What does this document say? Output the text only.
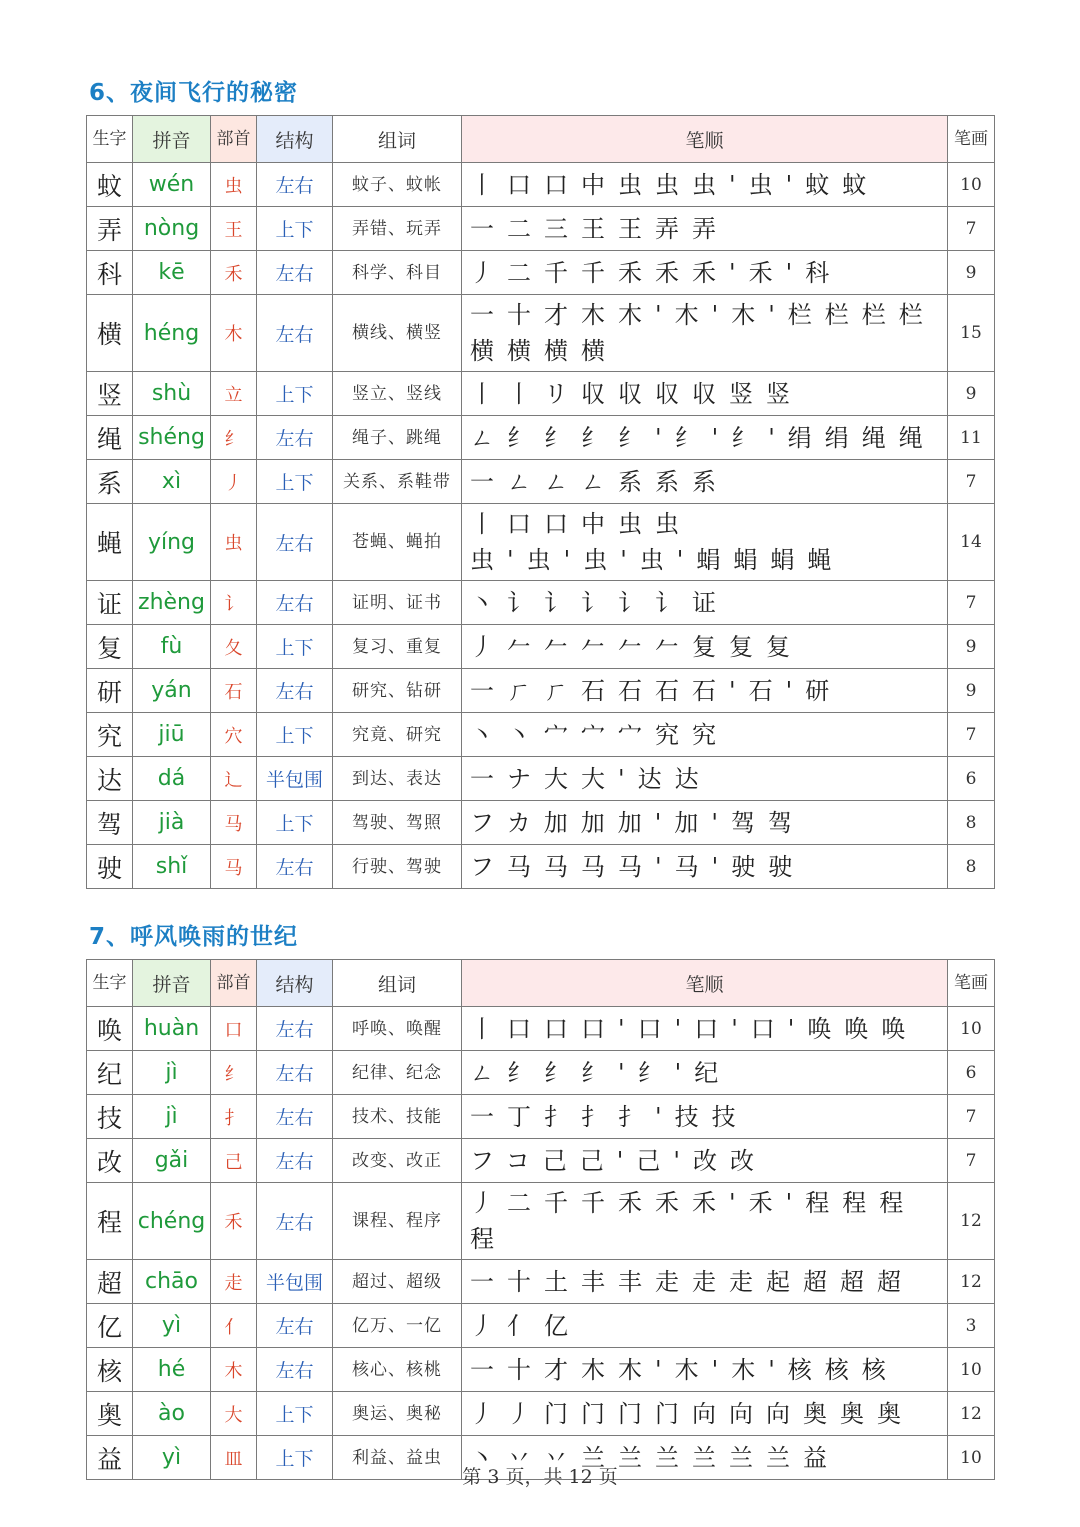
6、夜间飞行的秘密
生字	拼音	部首	结构	组词	笔顺	笔画
蚊	wén	虫	左右	蚊子、蚊帐	丨口口中虫虫虫'虫'蚊蚊	10
弄	nòng	王	上下	弄错、玩弄	一二三王王弄弄	7
科	kē	禾	左右	科学、科目	丿二千千禾禾禾'禾'科	9
横	héng	木	左右	横线、横竖	一十才木木'木'木'栏栏栏栏横横横横	15
竖	shù	立	上下	竖立、竖线	丨丨リ収収収収竖竖	9
绳	shéng	纟	左右	绳子、跳绳	ㄥ纟纟纟纟'纟'纟'绢绢绳绳	11
系	xì	丿	上下	关系、系鞋带	一ㄥㄥㄥ系系系	7
蝇	yíng	虫	左右	苍蝇、蝇拍	丨口口中虫虫虫'虫'虫'虫'蜎蜎蜎蝇	14
证	zhèng	讠	左右	证明、证书	丶讠讠讠讠讠证	7
复	fù	夂	上下	复习、重复	丿𠂉𠂉𠂉𠂉𠂉复复复	9
研	yán	石	左右	研究、钻研	一ㄏㄏ石石石石'石'研	9
究	jiū	穴	上下	究竟、研究	丶丶宀宀宀究究	7
达	dá	辶	半包围	到达、表达	一ナ大大'达达	6
驾	jià	马	上下	驾驶、驾照	フカ加加加'加'驾驾	8
驶	shǐ	马	左右	行驶、驾驶	フ马马马马'马'驶驶	8
7、呼风唤雨的世纪
生字	拼音	部首	结构	组词	笔顺	笔画
唤	huàn	口	左右	呼唤、唤醒	丨口口口'口'口'口'唤唤唤	10
纪	jì	纟	左右	纪律、纪念	ㄥ纟纟纟'纟'纪	6
技	jì	扌	左右	技术、技能	一丁扌扌扌'技技	7
改	gǎi	己	左右	改变、改正	フコ己己'己'改改	7
程	chéng	禾	左右	课程、程序	丿二千千禾禾禾'禾'程程程程	12
超	chāo	走	半包围	超过、超级	一十土丰丰走走走起超超超	12
亿	yì	亻	左右	亿万、一亿	丿亻亿	3
核	hé	木	左右	核心、核桃	一十才木木'木'木'核核核	10
奥	ào	大	上下	奥运、奥秘	丿丿门门门门向向向奥奥奥	12
益	yì	皿	上下	利益、益虫	丶丷丷兰兰兰兰兰兰益	10
第 3 页，共 12 页
